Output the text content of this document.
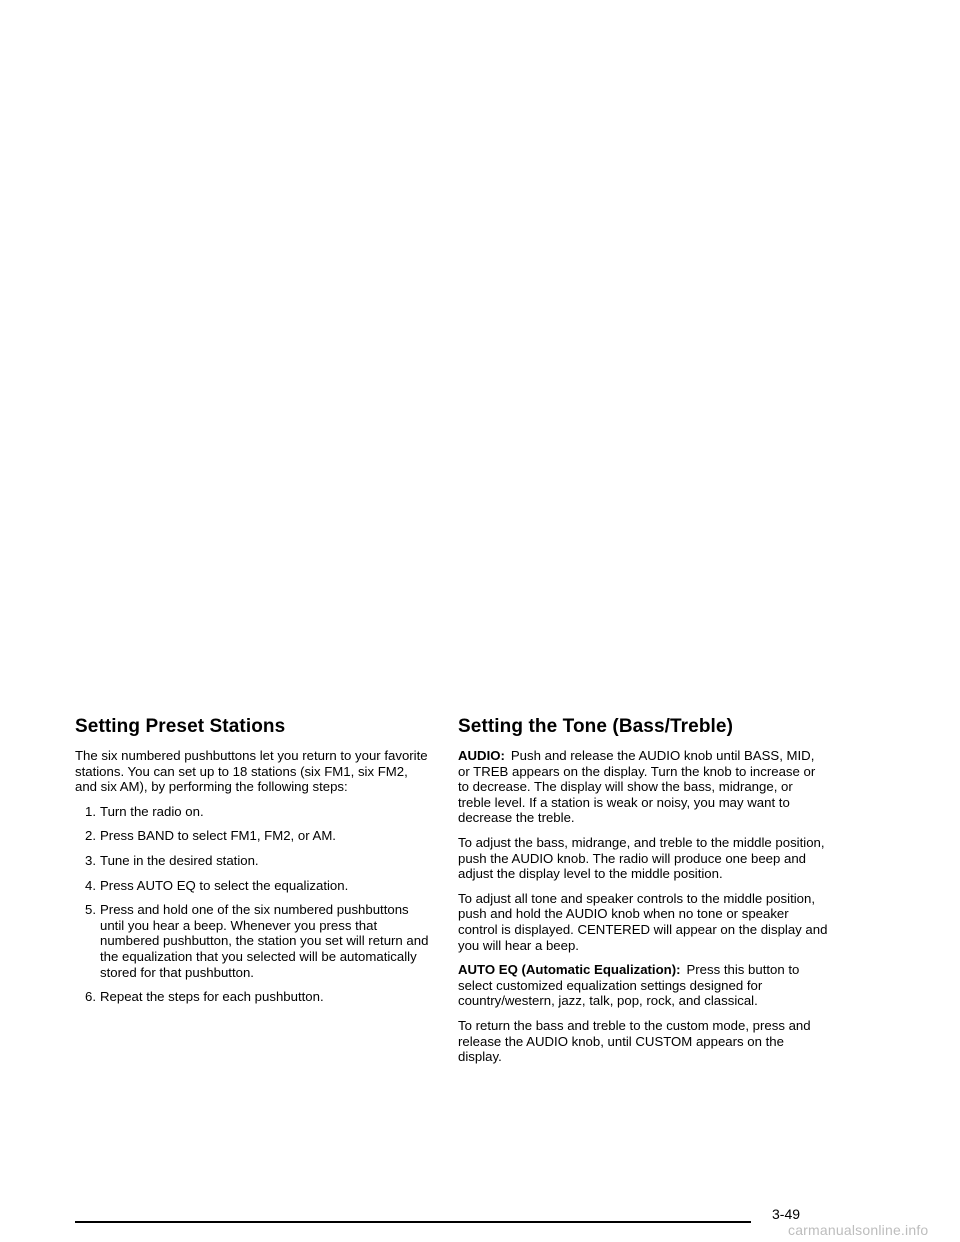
Setting Preset Stations

The six numbered pushbuttons let you return to your favorite stations. You can set up to 18 stations (six FM1, six FM2, and six AM), by performing the following steps:

1. Turn the radio on.
2. Press BAND to select FM1, FM2, or AM.
3. Tune in the desired station.
4. Press AUTO EQ to select the equalization.
5. Press and hold one of the six numbered pushbuttons until you hear a beep. Whenever you press that numbered pushbutton, the station you set will return and the equalization that you selected will be automatically stored for that pushbutton.
6. Repeat the steps for each pushbutton.
Setting the Tone (Bass/Treble)

AUDIO: Push and release the AUDIO knob until BASS, MID, or TREB appears on the display. Turn the knob to increase or to decrease. The display will show the bass, midrange, or treble level. If a station is weak or noisy, you may want to decrease the treble.

To adjust the bass, midrange, and treble to the middle position, push the AUDIO knob. The radio will produce one beep and adjust the display level to the middle position.

To adjust all tone and speaker controls to the middle position, push and hold the AUDIO knob when no tone or speaker control is displayed. CENTERED will appear on the display and you will hear a beep.

AUTO EQ (Automatic Equalization): Press this button to select customized equalization settings designed for country/western, jazz, talk, pop, rock, and classical.

To return the bass and treble to the custom mode, press and release the AUDIO knob, until CUSTOM appears on the display.

3-49
carmanualsonline.info
